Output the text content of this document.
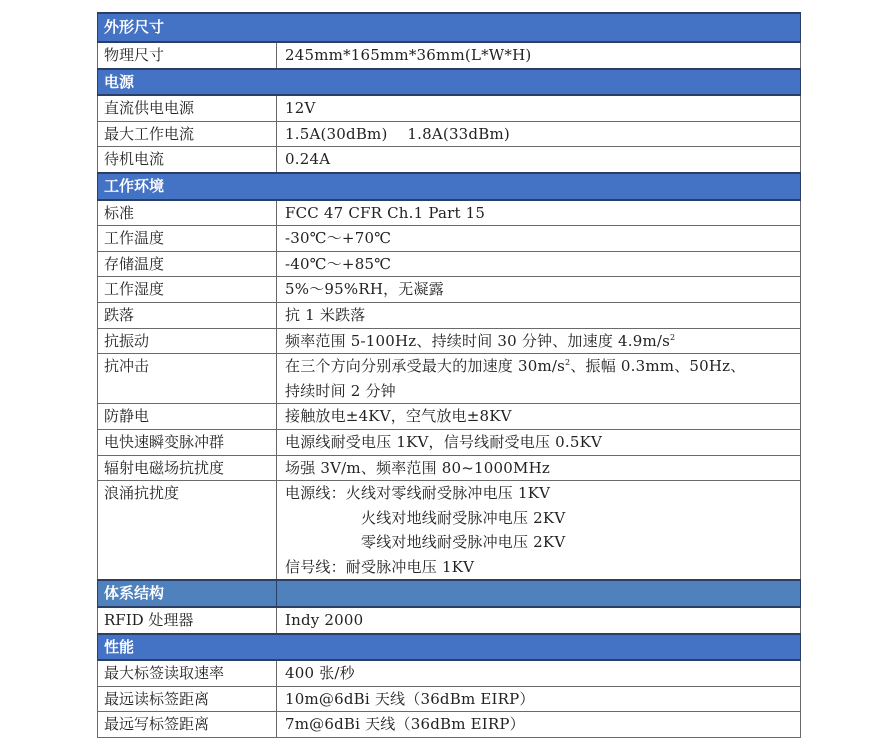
外形尺寸	
物理尺寸	245mm*165mm*36mm(L*W*H)
电源	
直流供电电源	12V
最大工作电流	1.5A(30dBm)    1.8A(33dBm)
待机电流	0.24A
工作环境	
标准	FCC 47 CFR Ch.1 Part 15
工作温度	-30℃～+70℃
存储温度	-40℃～+85℃
工作湿度	5%～95%RH，无凝露
跌落	抗 1 米跌落
抗振动	频率范围 5-100Hz、持续时间 30 分钟、加速度 $4.9m/s^2$
抗冲击	在三个方向分别承受最大的加速度 $30m/s^2$、振幅 0.3mm、50Hz、
持续时间 2 分钟
防静电	接触放电±4KV，空气放电±8KV
电快速瞬变脉冲群	电源线耐受电压 1KV，信号线耐受电压 0.5KV
辐射电磁场抗扰度	场强 3V/m、频率范围 80~1000MHz
浪涌抗扰度	电源线：火线对零线耐受脉冲电压 1KV
火线对地线耐受脉冲电压 2KV
零线对地线耐受脉冲电压 2KV
信号线：耐受脉冲电压 1KV

体系结构	
RFID 处理器	Indy 2000
性能	
最大标签读取速率	400 张/秒
最远读标签距离	10m@6dBi 天线（36dBm EIRP）
最远写标签距离	7m@6dBi 天线（36dBm EIRP）
